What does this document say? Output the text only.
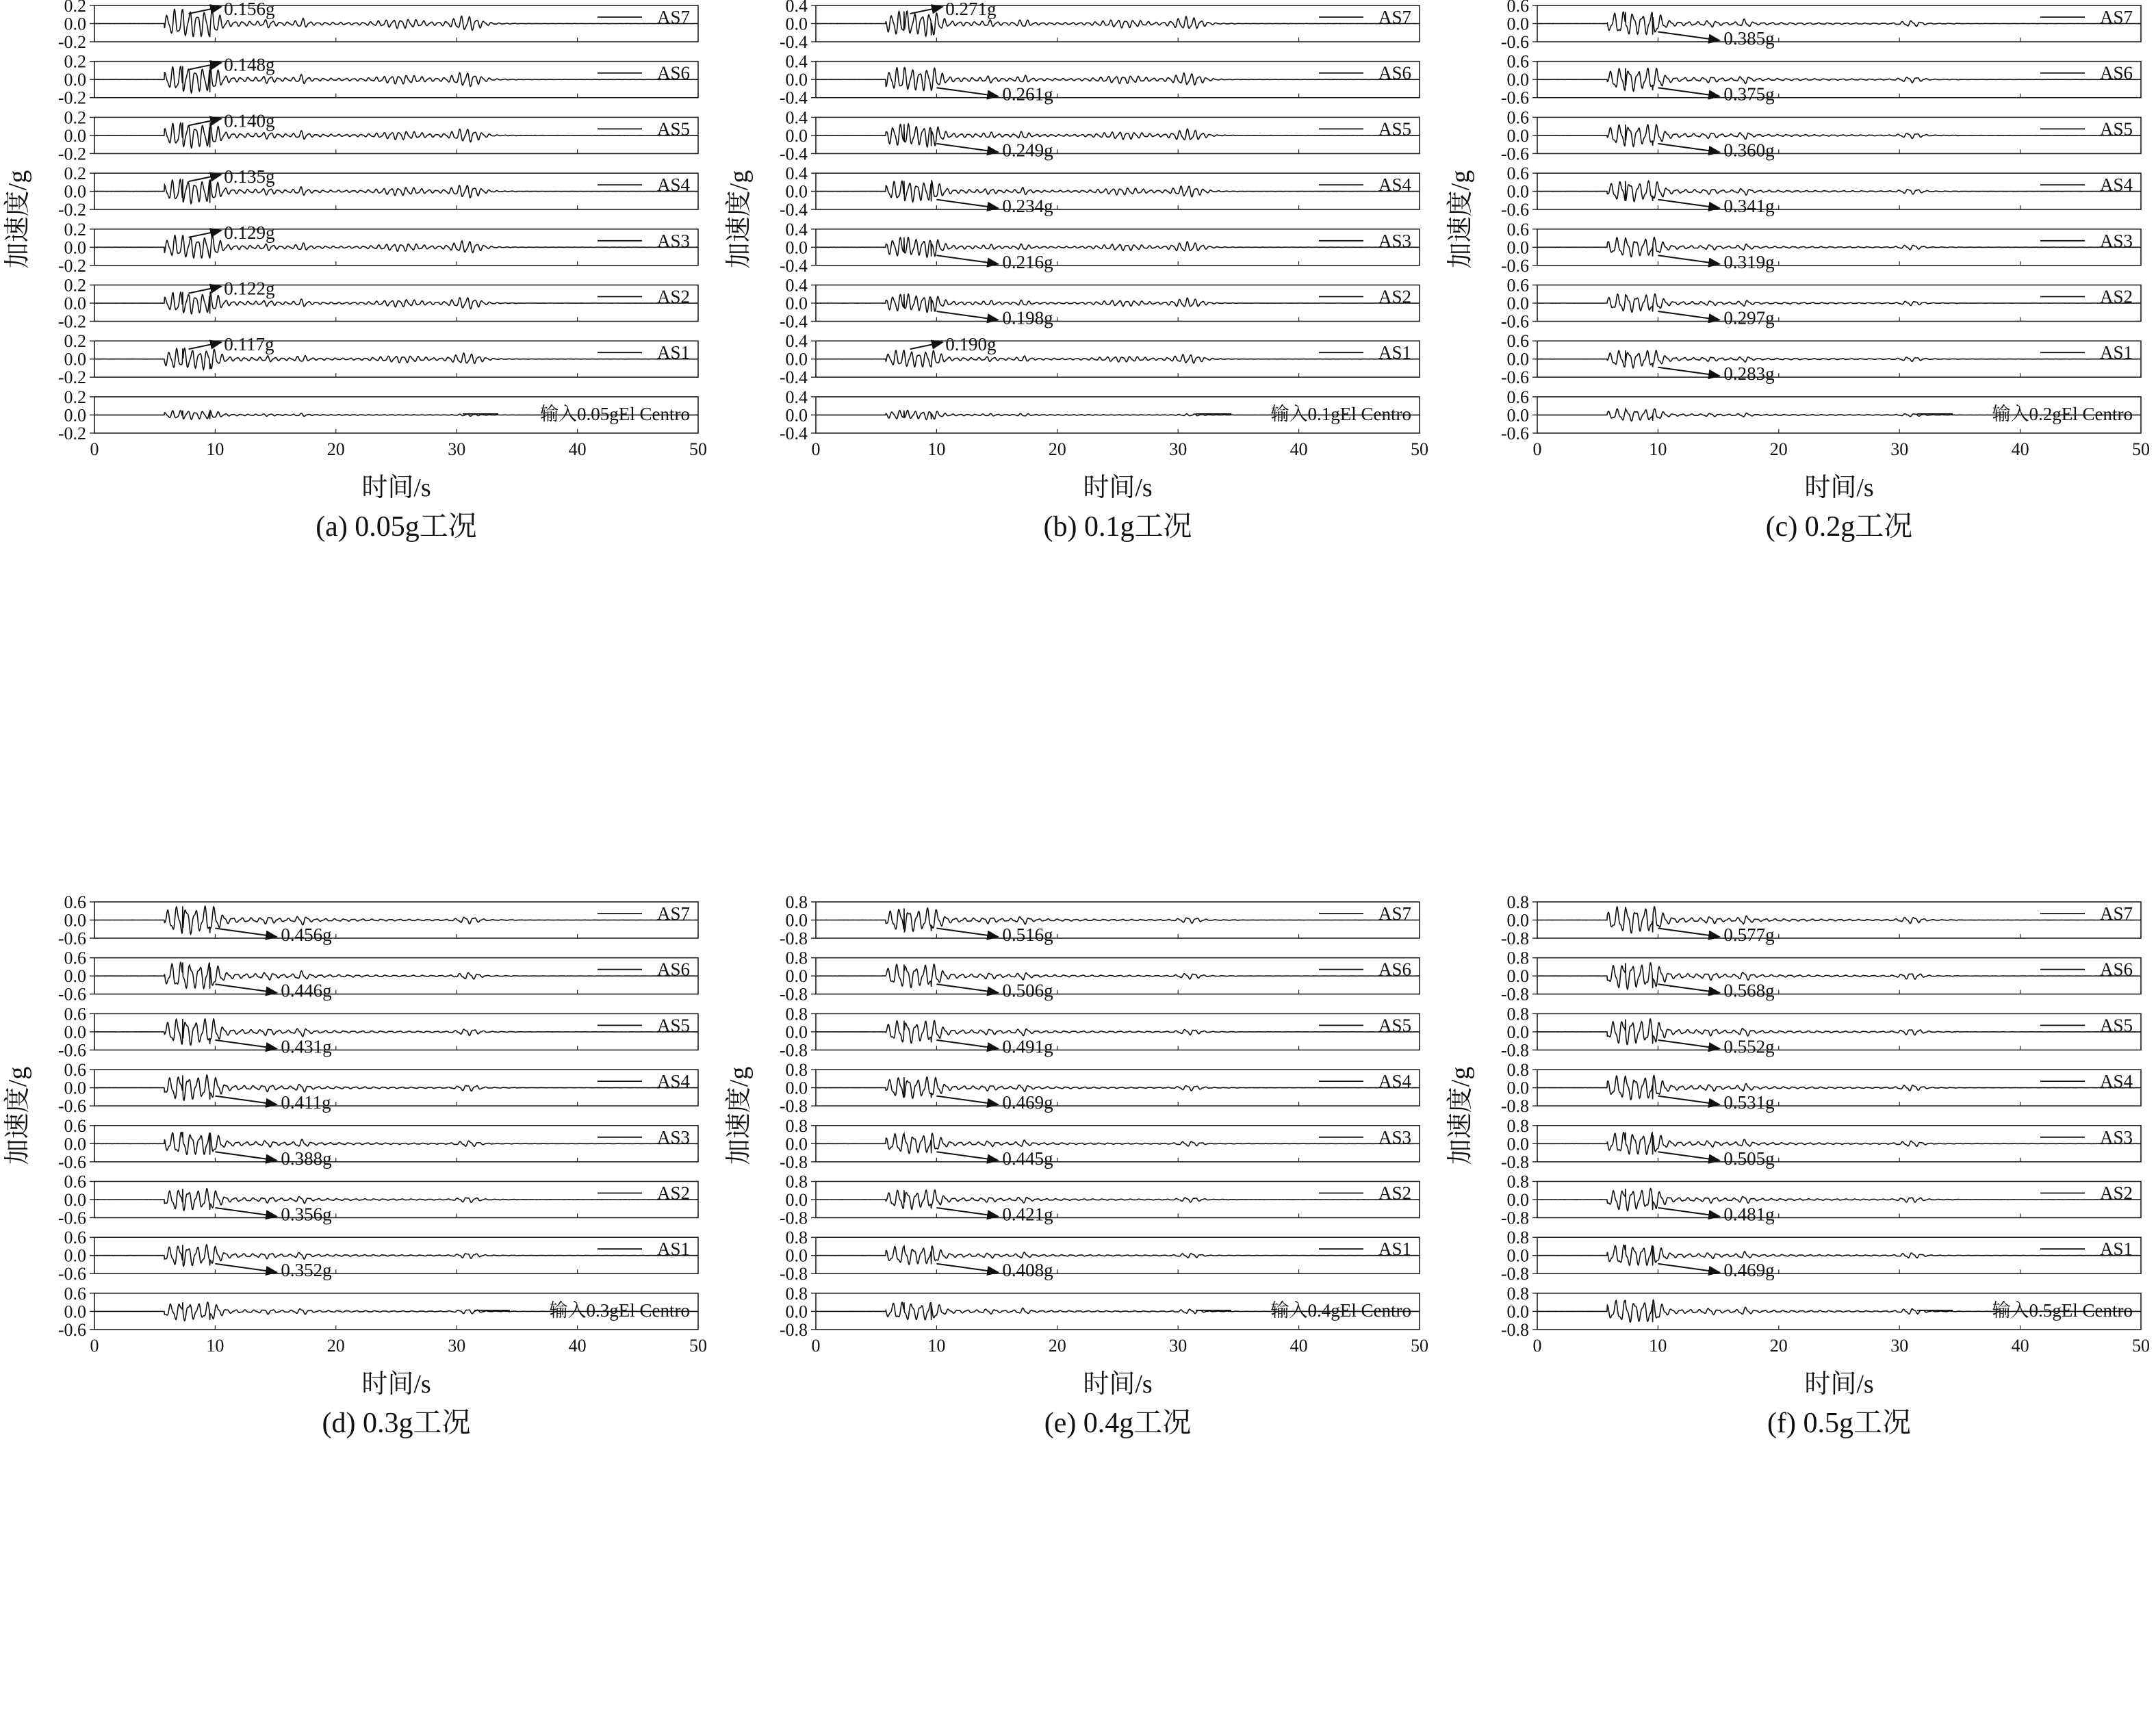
-0.2
0.0
0.2
AS7
0.156g
-0.2
0.0
0.2
AS6
0.148g
-0.2
0.0
0.2
AS5
0.140g
-0.2
0.0
0.2
AS4
0.135g
-0.2
0.0
0.2
AS3
0.129g
-0.2
0.0
0.2
AS2
0.122g
-0.2
0.0
0.2
AS1
0.117g
-0.2
0.0
0.2
输入0.05gEl Centro
0	10	20	30	40	50
时间/s
(a) 0.05g工况
加速度/g
-0.4
0.0
0.4
AS7
0.271g
-0.4
0.0
0.4
AS6
0.261g
-0.4
0.0
0.4
AS5
0.249g
-0.4
0.0
0.4
AS4
0.234g
-0.4
0.0
0.4
AS3
0.216g
-0.4
0.0
0.4
AS2
0.198g
-0.4
0.0
0.4
AS1
0.190g
-0.4
0.0
0.4
输入0.1gEl Centro
0	10	20	30	40	50
时间/s
(b) 0.1g工况
加速度/g
-0.6
0.0
0.6
AS7
0.385g
-0.6
0.0
0.6
AS6
0.375g
-0.6
0.0
0.6
AS5
0.360g
-0.6
0.0
0.6
AS4
0.341g
-0.6
0.0
0.6
AS3
0.319g
-0.6
0.0
0.6
AS2
0.297g
-0.6
0.0
0.6
AS1
0.283g
-0.6
0.0
0.6
输入0.2gEl Centro
0	10	20	30	40	50
时间/s
(c) 0.2g工况
加速度/g
-0.6
0.0
0.6
AS7
0.456g
-0.6
0.0
0.6
AS6
0.446g
-0.6
0.0
0.6
AS5
0.431g
-0.6
0.0
0.6
AS4
0.411g
-0.6
0.0
0.6
AS3
0.388g
-0.6
0.0
0.6
AS2
0.356g
-0.6
0.0
0.6
AS1
0.352g
-0.6
0.0
0.6
输入0.3gEl Centro
0	10	20	30	40	50
时间/s
(d) 0.3g工况
加速度/g
-0.8
0.0
0.8
AS7
0.516g
-0.8
0.0
0.8
AS6
0.506g
-0.8
0.0
0.8
AS5
0.491g
-0.8
0.0
0.8
AS4
0.469g
-0.8
0.0
0.8
AS3
0.445g
-0.8
0.0
0.8
AS2
0.421g
-0.8
0.0
0.8
AS1
0.408g
-0.8
0.0
0.8
输入0.4gEl Centro
0	10	20	30	40	50
时间/s
(e) 0.4g工况
加速度/g
-0.8
0.0
0.8
AS7
0.577g
-0.8
0.0
0.8
AS6
0.568g
-0.8
0.0
0.8
AS5
0.552g
-0.8
0.0
0.8
AS4
0.531g
-0.8
0.0
0.8
AS3
0.505g
-0.8
0.0
0.8
AS2
0.481g
-0.8
0.0
0.8
AS1
0.469g
-0.8
0.0
0.8
输入0.5gEl Centro
0	10	20	30	40	50
时间/s
(f) 0.5g工况
加速度/g
